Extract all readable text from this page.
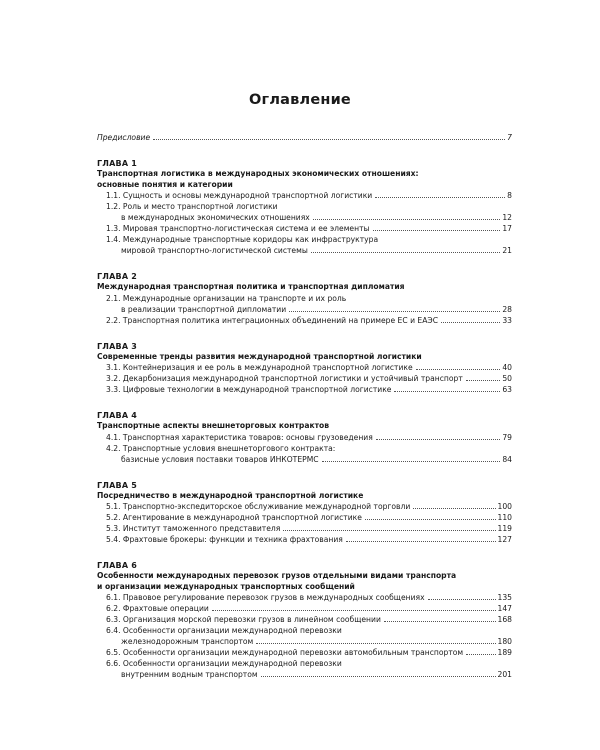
Оглавление
Предисловие	7
ГЛАВА 1
Транспортная логистика в международных экономических отношениях:
основные понятия и категории
1.1. Сущность и основы международной транспортной логистики	8
1.2. Роль и место транспортной логистики
в международных экономических отношениях	12
1.3. Мировая транспортно-логистическая система и ее элементы	17
1.4. Международные транспортные коридоры как инфраструктура
мировой транспортно-логистической системы	21
ГЛАВА 2
Международная транспортная политика и транспортная дипломатия
2.1. Международные организации на транспорте и их роль
в реализации транспортной дипломатии	28
2.2. Транспортная политика интеграционных объединений на примере ЕС и ЕАЭС	33
ГЛАВА 3
Современные тренды развития международной транспортной логистики
3.1. Контейнеризация и ее роль в международной транспортной логистике	40
3.2. Декарбонизация международной транспортной логистики и устойчивый транспорт	50
3.3. Цифровые технологии в международной транспортной логистике	63
ГЛАВА 4
Транспортные аспекты внешнеторговых контрактов
4.1. Транспортная характеристика товаров: основы грузоведения	79
4.2. Транспортные условия внешнеторгового контракта:
базисные условия поставки товаров ИНКОТЕРМС	84
ГЛАВА 5
Посредничество в международной транспортной логистике
5.1. Транспортно-экспедиторское обслуживание международной торговли	100
5.2. Агентирование в международной транспортной логистике	110
5.3. Институт таможенного представителя	119
5.4. Фрахтовые брокеры: функции и техника фрахтования	127
ГЛАВА 6
Особенности международных перевозок грузов отдельными видами транспорта
и организации международных транспортных сообщений
6.1. Правовое регулирование перевозок грузов в международных сообщениях	135
6.2. Фрахтовые операции	147
6.3. Организация морской перевозки грузов в линейном сообщении	168
6.4. Особенности организации международной перевозки
железнодорожным транспортом	180
6.5. Особенности организации международной перевозки автомобильным транспортом	189
6.6. Особенности организации международной перевозки
внутренним водным транспортом	201
